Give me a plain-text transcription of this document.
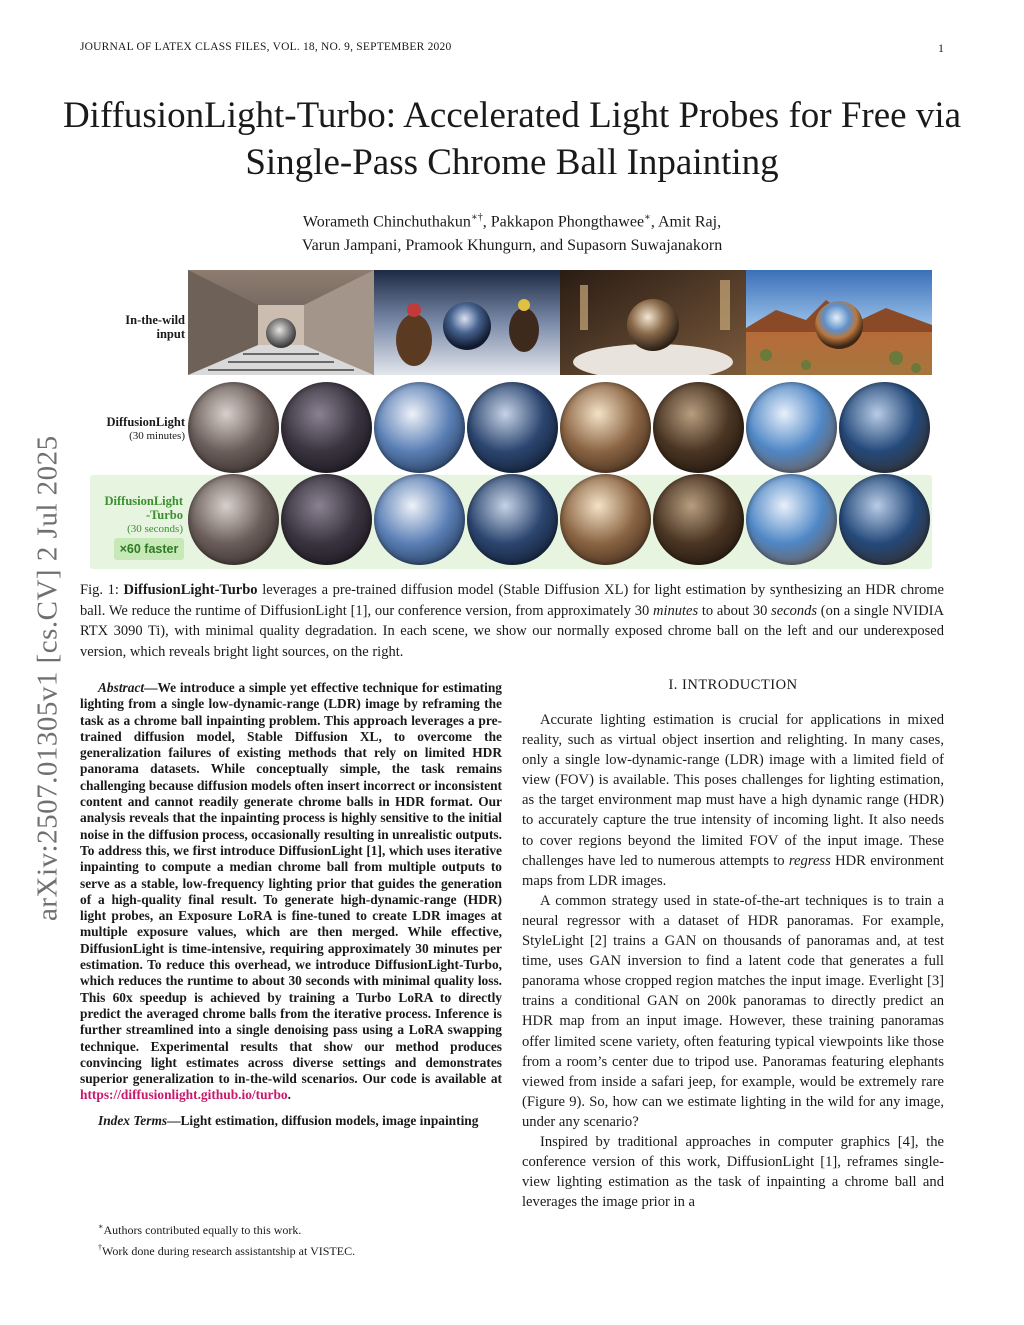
JOURNAL OF LATEX CLASS FILES, VOL. 18, NO. 9, SEPTEMBER 2020	1
DiffusionLight-Turbo: Accelerated Light Probes for Free via Single-Pass Chrome Ball Inpainting
Worameth Chinchuthakun∗†, Pakkapon Phongthawee∗, Amit Raj,
Varun Jampani, Pramook Khungurn, and Supasorn Suwajanakorn
arXiv:2507.01305v1 [cs.CV] 2 Jul 2025
In-the-wild
input
DiffusionLight
(30 minutes)
DiffusionLight
-Turbo
(30 seconds)
×60 faster
Fig. 1: DiffusionLight-Turbo leverages a pre-trained diffusion model (Stable Diffusion XL) for light estimation by synthesizing an HDR chrome ball. We reduce the runtime of DiffusionLight [1], our conference version, from approximately 30 minutes to about 30 seconds (on a single NVIDIA RTX 3090 Ti), with minimal quality degradation. In each scene, we show our normally exposed chrome ball on the left and our underexposed version, which reveals bright light sources, on the right.
Abstract—We introduce a simple yet effective technique for estimating lighting from a single low-dynamic-range (LDR) image by reframing the task as a chrome ball inpainting problem. This approach leverages a pre-trained diffusion model, Stable Diffusion XL, to overcome the generalization failures of existing methods that rely on limited HDR panorama datasets. While conceptually simple, the task remains challenging because diffusion models often insert incorrect or inconsistent content and cannot readily generate chrome balls in HDR format. Our analysis reveals that the inpainting process is highly sensitive to the initial noise in the diffusion process, occasionally resulting in unrealistic outputs. To address this, we first introduce DiffusionLight [1], which uses iterative inpainting to compute a median chrome ball from multiple outputs to serve as a stable, low-frequency lighting prior that guides the generation of a high-quality final result. To generate high-dynamic-range (HDR) light probes, an Exposure LoRA is fine-tuned to create LDR images at multiple exposure values, which are then merged. While effective, DiffusionLight is time-intensive, requiring approximately 30 minutes per estimation. To reduce this overhead, we introduce DiffusionLight-Turbo, which reduces the runtime to about 30 seconds with minimal quality loss. This 60x speedup is achieved by training a Turbo LoRA to directly predict the averaged chrome balls from the iterative process. Inference is further streamlined into a single denoising pass using a LoRA swapping technique. Experimental results that show our method produces convincing light estimates across diverse settings and demonstrates superior generalization to in-the-wild scenarios. Our code is available at https://diffusionlight.github.io/turbo.
Index Terms—Light estimation, diffusion models, image inpainting
∗Authors contributed equally to this work.
†Work done during research assistantship at VISTEC.
I. INTRODUCTION

Accurate lighting estimation is crucial for applications in mixed reality, such as virtual object insertion and relighting. In many cases, only a single low-dynamic-range (LDR) image with a limited field of view (FOV) is available. This poses challenges for lighting estimation, as the target environment map must have a high dynamic range (HDR) to accurately capture the true intensity of incoming light. It also needs to cover regions beyond the limited FOV of the input image. These challenges have led to numerous attempts to regress HDR environment maps from LDR images.

A common strategy used in state-of-the-art techniques is to train a neural regressor with a dataset of HDR panoramas. For example, StyleLight [2] trains a GAN on thousands of panoramas and, at test time, uses GAN inversion to find a latent code that generates a full panorama whose cropped region matches the input image. Everlight [3] trains a conditional GAN on 200k panoramas to directly predict an HDR map from an input image. However, these training panoramas offer limited scene variety, often featuring typical viewpoints like those from a room’s center due to tripod use. Panoramas featuring elephants viewed from inside a safari jeep, for example, would be extremely rare (Figure 9). So, how can we estimate lighting in the wild for any image, under any scenario?

Inspired by traditional approaches in computer graphics [4], the conference version of this work, DiffusionLight [1], reframes single-view lighting estimation as the task of inpainting a chrome ball and leverages the image prior in a
